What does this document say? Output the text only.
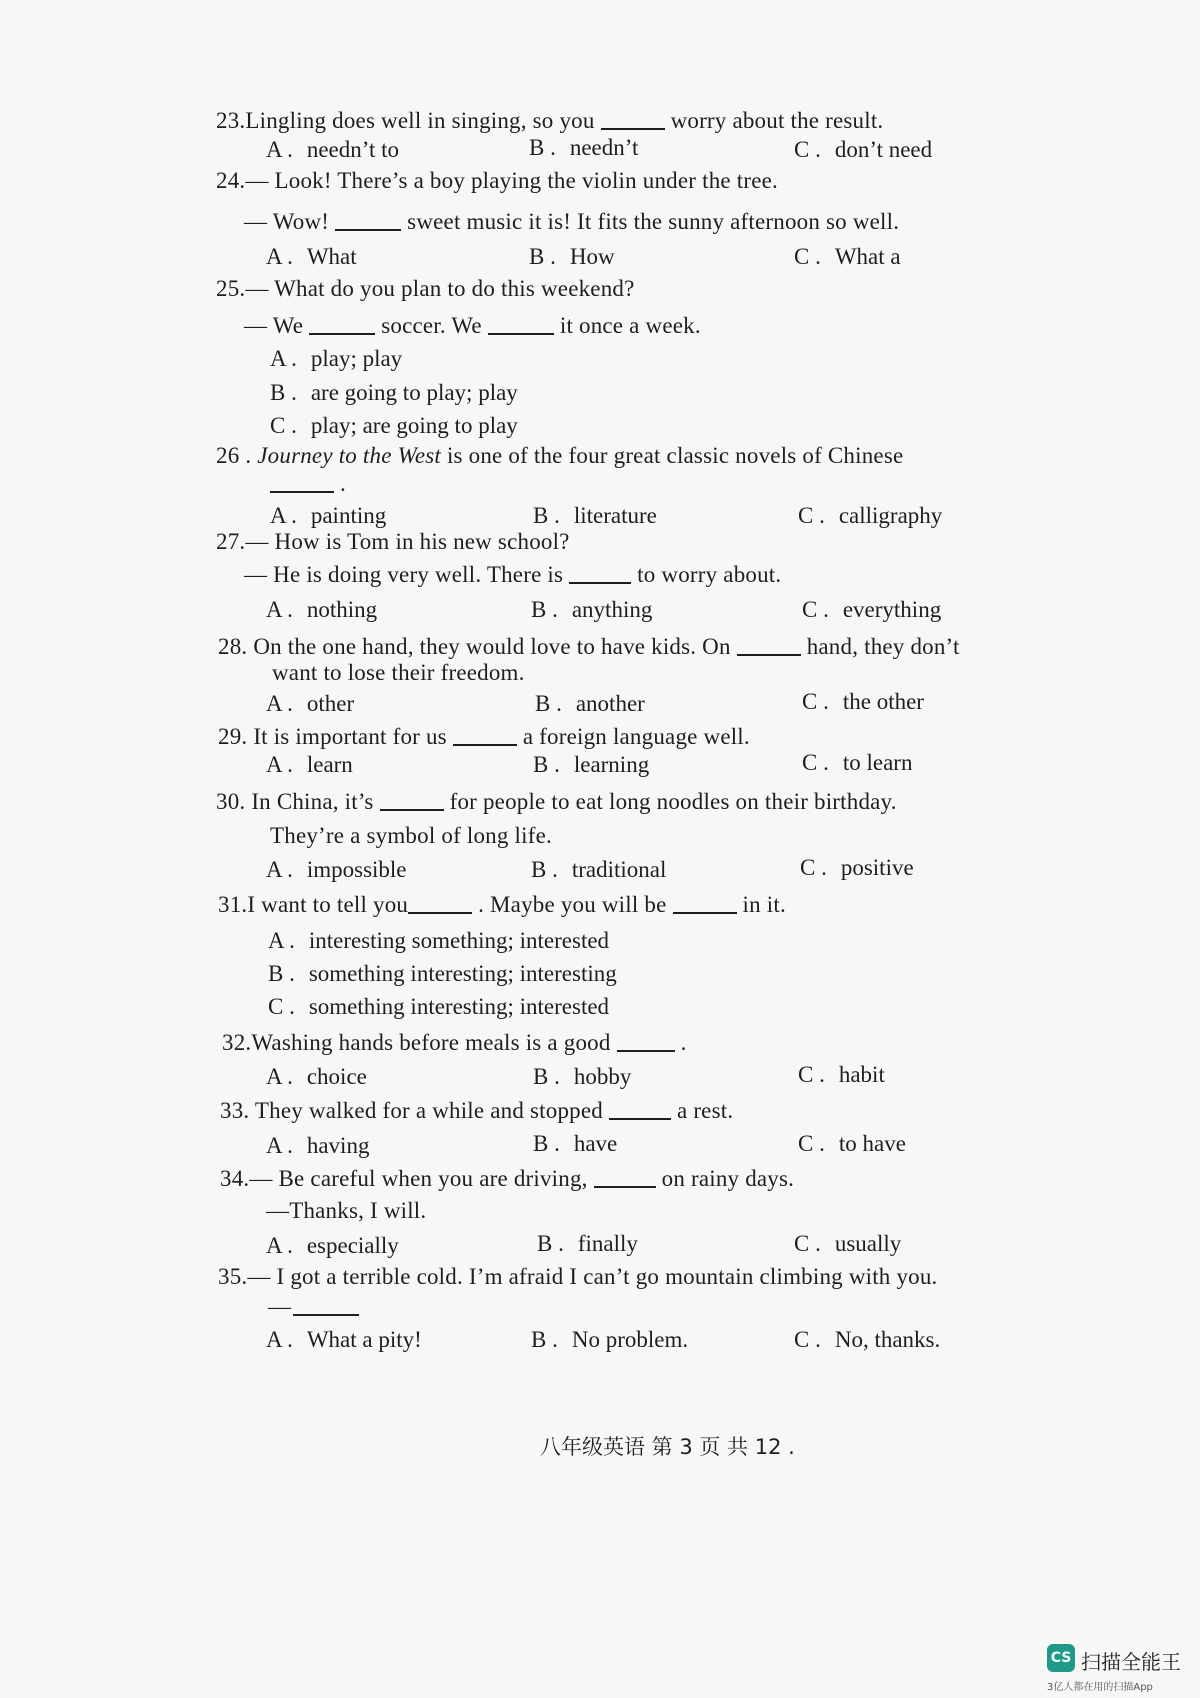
23.Lingling does well in singing, so you	worry about the result.
A . needn’t to	B . needn’t	C . don’t need
24.— Look! There’s a boy playing the violin under the tree.
— Wow!	sweet music it is! It fits the sunny afternoon so well.
A . What	B . How	C . What a
25.— What do you plan to do this weekend?
— We	soccer. We	it once a week.
A . play; play
B . are going to play; play
C . play; are going to play
26 . Journey to the West is one of the four great classic novels of Chinese
.
A . painting	B . literature	C . calligraphy
27.— How is Tom in his new school?
— He is doing very well. There is	to worry about.
A . nothing	B . anything	C . everything
28. On the one hand, they would love to have kids. On	hand, they don’t
want to lose their freedom.
A . other	B . another	C . the other
29. It is important for us	a foreign language well.
A . learn	B . learning	C . to learn
30. In China, it’s	for people to eat long noodles on their birthday.
They’re a symbol of long life.
A . impossible	B . traditional	C . positive
31.I want to tell you	. Maybe you will be	in it.
A . interesting something; interested
B . something interesting; interesting
C . something interesting; interested
32.Washing hands before meals is a good	.
A . choice	B . hobby	C . habit
33. They walked for a while and stopped	a rest.
A . having	B . have	C . to have
34.— Be careful when you are driving,	on rainy days.
—Thanks, I will.
A . especially	B . finally	C . usually
35.— I got a terrible cold. I’m afraid I can’t go mountain climbing with you.
—
A . What a pity!	B . No problem.	C . No, thanks.
八年级英语 第 3 页 共 12 .
CS 扫描全能王
3亿人都在用的扫描App
